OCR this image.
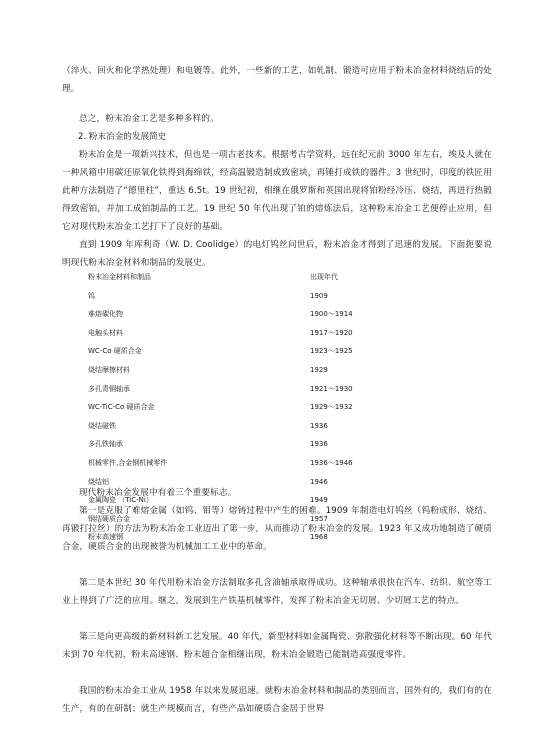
（淬火、回火和化学热处理）和电镀等。此外，一些新的工艺，如轧制、锻造可应用于粉末冶金材料烧结后的处理。

总之，粉末冶金工艺是多种多样的。

2. 粉末冶金的发展简史

粉末冶金是一项新兴技术，但也是一项古老技术。根据考古学资料，远在纪元前 3000 年左右，埃及人就在一种风箱中用碳还原氧化铁得到海绵铁，经高温锻造制成致密块，再锤打成铁的器件。3 世纪时，印度的铁匠用此种方法制造了“德里柱”，重达 6.5t。19 世纪初，相继在俄罗斯和英国出现将铂粉经冷压、烧结，再进行热锻得致密铂，并加工成铂制品的工艺。19 世纪 50 年代出现了铂的熔炼法后，这种粉末冶金工艺便停止应用，但它对现代粉末冶金工艺打下了良好的基础。

直到 1909 年库利奇（W. D. Coolidge）的电灯钨丝问世后，粉末冶金才得到了迅速的发展。下面扼要说明现代粉末冶金材料和制品的发展史。

粉末冶金材料和制品	出现年代
钨	1909
难熔碳化物	1900～1914
电触头材料	1917～1920
WC-Co 硬质合金	1923～1925
烧结摩擦材料	1929
多孔青铜轴承	1921～1930
WC-TiC-Co 硬质合金	1929～1932
烧结磁铁	1936
多孔铁轴承	1936
机械零件,合金钢机械零件	1936～1946
烧结铝	1946
金属陶瓷 （TiC-Ni）	1949
钢结硬质合金	1957
粉末高速钢	1968

现代粉末冶金发展中有着三个重要标志。

第一是克服了难熔金属（如钨、钼等）熔铸过程中产生的困难。1909 年制造电灯钨丝（钨粉成形、烧结、再锻打拉丝）的方法为粉末冶金工业迈出了第一步，从而推动了粉末冶金的发展。1923 年又成功地制造了硬质合金，硬质合金的出现被誉为机械加工工业中的革命。

第二是本世纪 30 年代用粉末冶金方法制取多孔含油轴承取得成功。这种轴承很快在汽车、纺织、航空等工业上得到了广泛的应用。继之，发展到生产铁基机械零件，发挥了粉末冶金无切屑、少切屑工艺的特点。

第三是向更高级的新材料新工艺发展。40 年代，新型材料如金属陶瓷、弥散强化材料等不断出现。60 年代末到 70 年代初，粉末高速钢、粉末超合金相继出现，粉末冶金锻造已能制造高强度零件。

我国的粉末冶金工业从 1958 年以来发展迅速。就粉末冶金材料和制品的类别而言，国外有的，我们有的在生产，有的在研制；就生产规模而言，有些产品如硬质合金居于世界
